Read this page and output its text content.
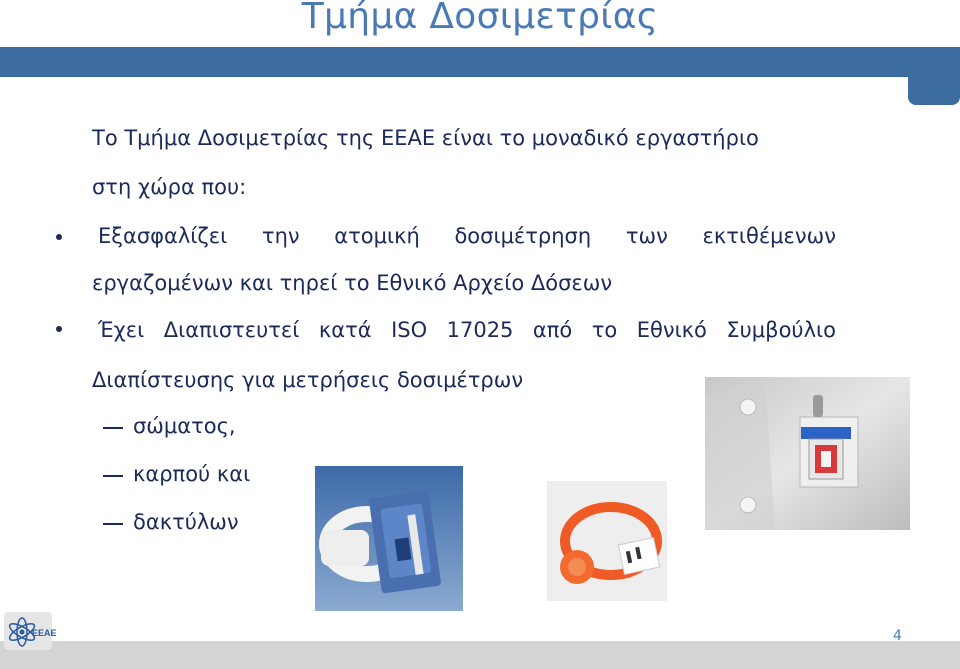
Τμήμα Δοσιμετρίας
Το Τμήμα Δοσιμετρίας της ΕΕΑΕ είναι το μοναδικό εργαστήριο
στη χώρα που:
Εξασφαλίζει την ατομική δοσιμέτρηση των εκτιθέμενων
εργαζομένων και τηρεί το Εθνικό Αρχείο Δόσεων
Έχει Διαπιστευτεί κατά ISO 17025 από το Εθνικό Συμβούλιο
Διαπίστευσης για μετρήσεις δοσιμέτρων
σώματος,
καρπού και
δακτύλων
ΕΕΑΕ	4
